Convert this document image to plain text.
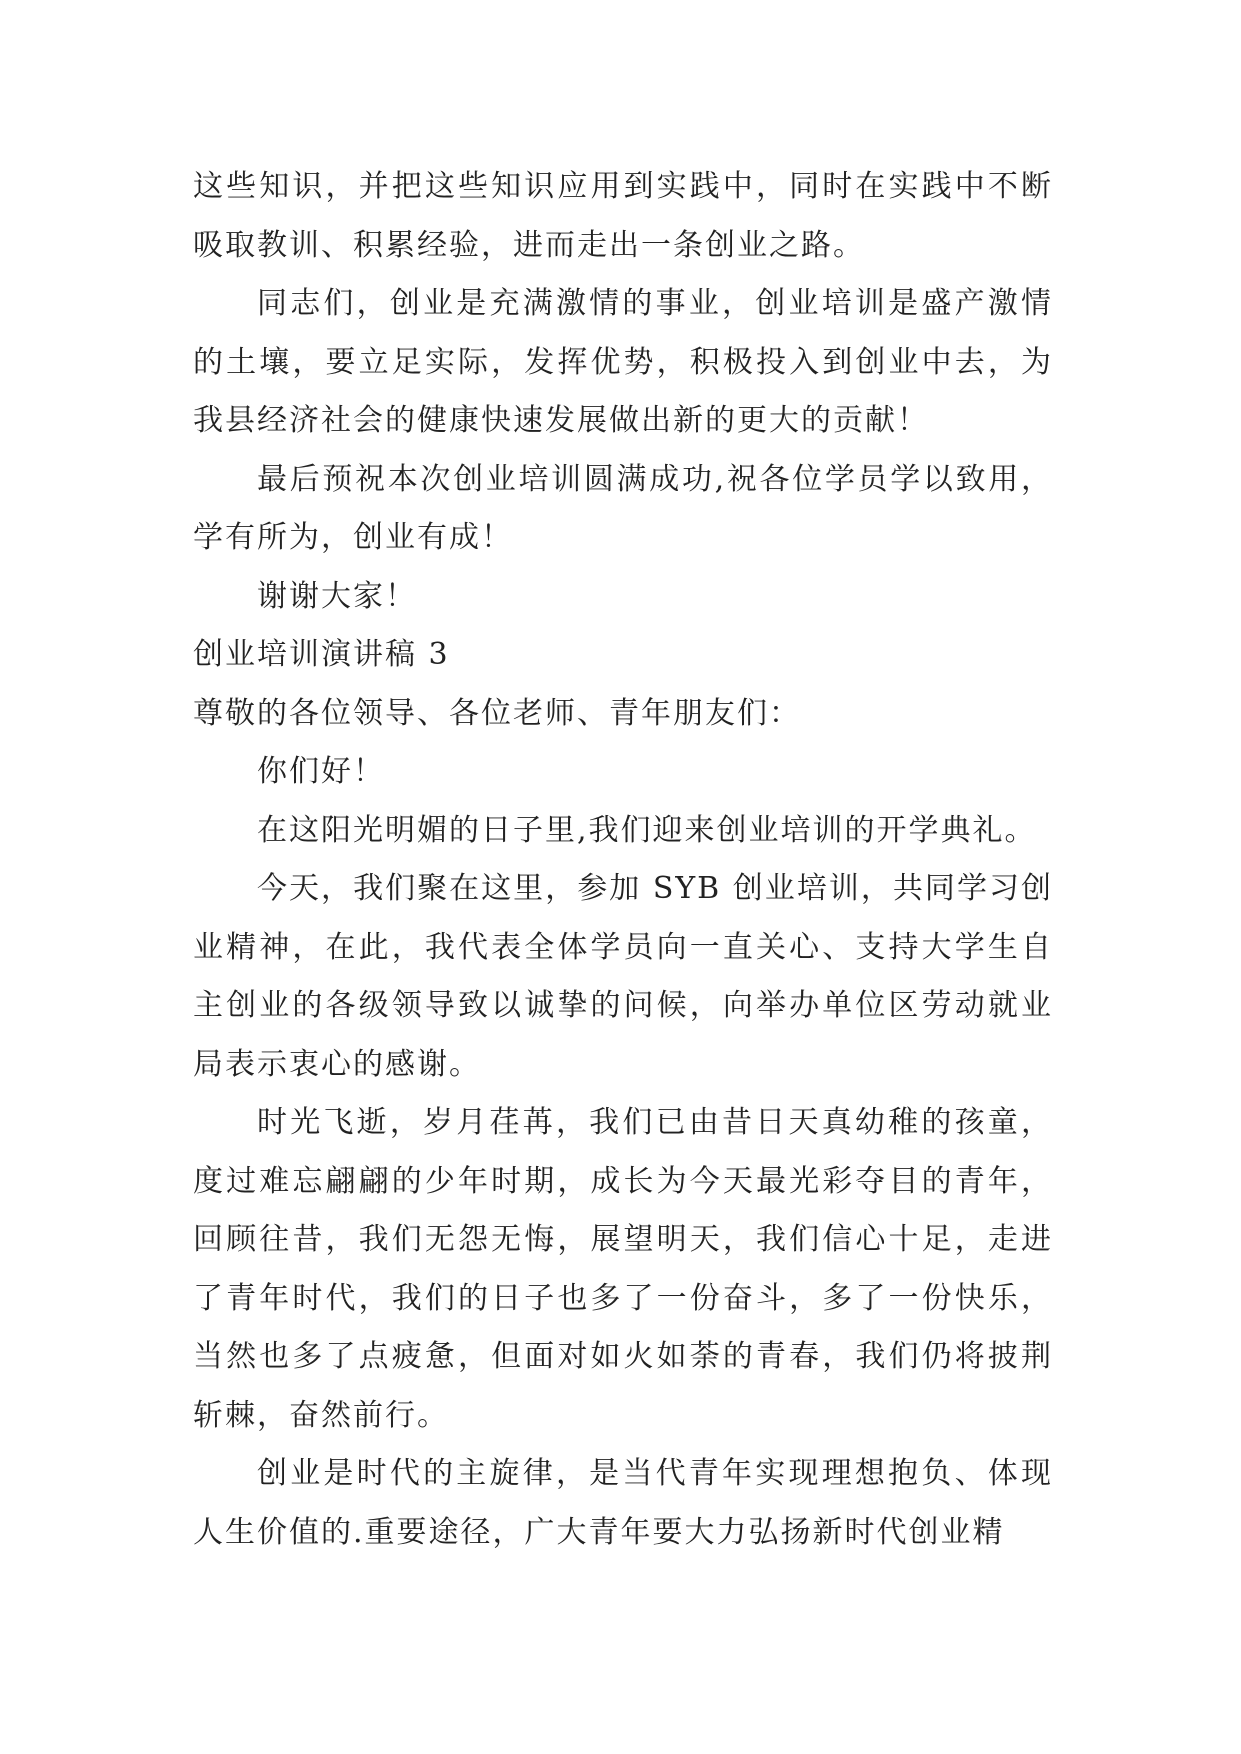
这些知识，并把这些知识应用到实践中，同时在实践中不断吸取教训、积累经验，进而走出一条创业之路。

同志们，创业是充满激情的事业，创业培训是盛产激情的土壤，要立足实际，发挥优势，积极投入到创业中去，为我县经济社会的健康快速发展做出新的更大的贡献！

最后预祝本次创业培训圆满成功,祝各位学员学以致用，学有所为，创业有成！

谢谢大家！

创业培训演讲稿 3

尊敬的各位领导、各位老师、青年朋友们：

你们好！

在这阳光明媚的日子里,我们迎来创业培训的开学典礼。

今天，我们聚在这里，参加 SYB 创业培训，共同学习创业精神，在此，我代表全体学员向一直关心、支持大学生自主创业的各级领导致以诚挚的问候，向举办单位区劳动就业局表示衷心的感谢。

时光飞逝，岁月荏苒，我们已由昔日天真幼稚的孩童，度过难忘翩翩的少年时期，成长为今天最光彩夺目的青年，回顾往昔，我们无怨无悔，展望明天，我们信心十足，走进了青年时代，我们的日子也多了一份奋斗，多了一份快乐，当然也多了点疲惫，但面对如火如荼的青春，我们仍将披荆斩棘，奋然前行。

创业是时代的主旋律，是当代青年实现理想抱负、体现人生价值的.重要途径，广大青年要大力弘扬新时代创业精
